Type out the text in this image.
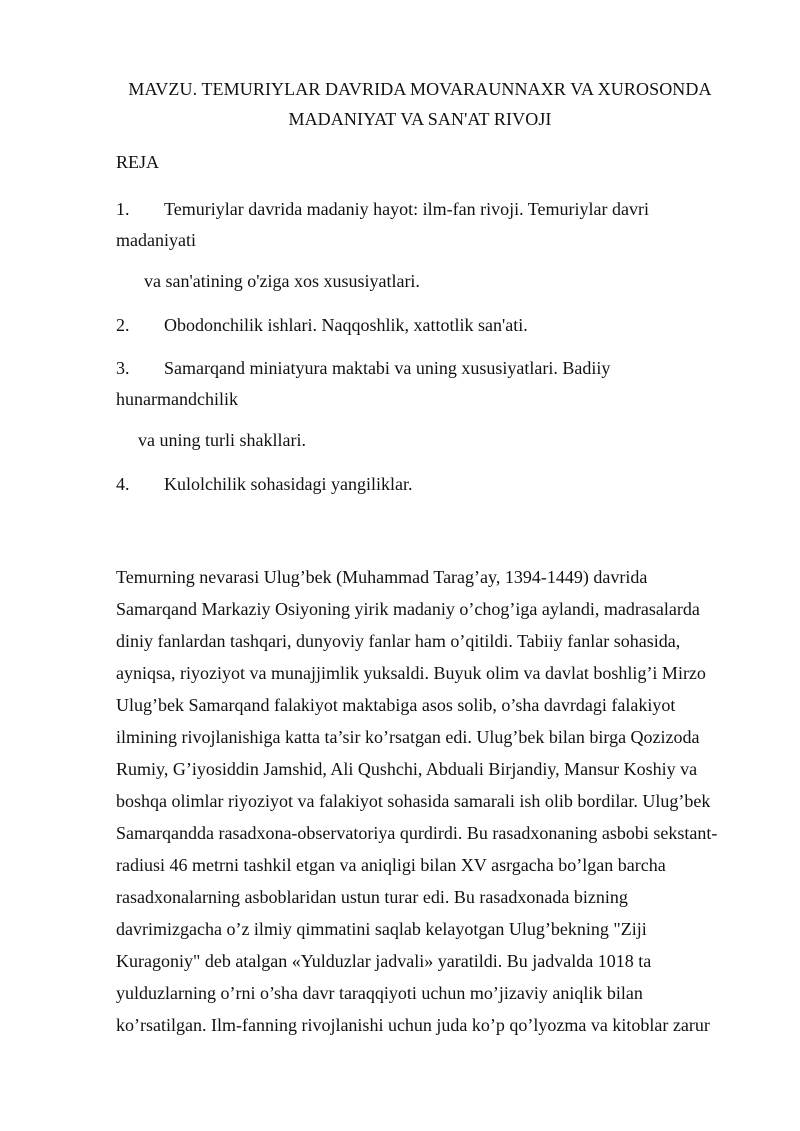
MAVZU. TEMURIYLAR DAVRIDA MOVARAUNNAXR VA XUROSONDA
MADANIYAT VA SAN'AT RIVOJI
REJA
1. Temuriylar davrida madaniy hayot: ilm-fan rivoji. Temuriylar davri
madaniyati
va san'atining o'ziga xos xususiyatlari.
2. Obodonchilik ishlari. Naqqoshlik, xattotlik san'ati.
3. Samarqand miniatyura maktabi va uning xususiyatlari. Badiiy
hunarmandchilik
va uning turli shakllari.
4. Kulolchilik sohasidagi yangiliklar.
Temurning nevarasi Ulug’bek (Muhammad Tarag’ay, 1394-1449) davrida
Samarqand Markaziy Osiyoning yirik madaniy o’chog’iga aylandi, madrasalarda
diniy fanlardan tashqari, dunyoviy fanlar ham o’qitildi. Tabiiy fanlar sohasida,
ayniqsa, riyoziyot va munajjimlik yuksaldi. Buyuk olim va davlat boshlig’i Mirzo
Ulug’bek Samarqand falakiyot maktabiga asos solib, o’sha davrdagi falakiyot
ilmining rivojlanishiga katta ta’sir ko’rsatgan edi. Ulug’bek bilan birga Qozizoda
Rumiy, G’iyosiddin Jamshid, Ali Qushchi, Abduali Birjandiy, Mansur Koshiy va
boshqa olimlar riyoziyot va falakiyot sohasida samarali ish olib bordilar. Ulug’bek
Samarqandda rasadxona-observatoriya qurdirdi. Bu rasadxonaning asbobi sekstant-
radiusi 46 metrni tashkil etgan va aniqligi bilan XV asrgacha bo’lgan barcha
rasadxonalarning asboblaridan ustun turar edi. Bu rasadxonada bizning
davrimizgacha o’z ilmiy qimmatini saqlab kelayotgan Ulug’bekning "Ziji
Kuragoniy" deb atalgan «Yulduzlar jadvali» yaratildi. Bu jadvalda 1018 ta
yulduzlarning o’rni o’sha davr taraqqiyoti uchun mo’jizaviy aniqlik bilan
ko’rsatilgan. Ilm-fanning rivojlanishi uchun juda ko’p qo’lyozma va kitoblar zarur
